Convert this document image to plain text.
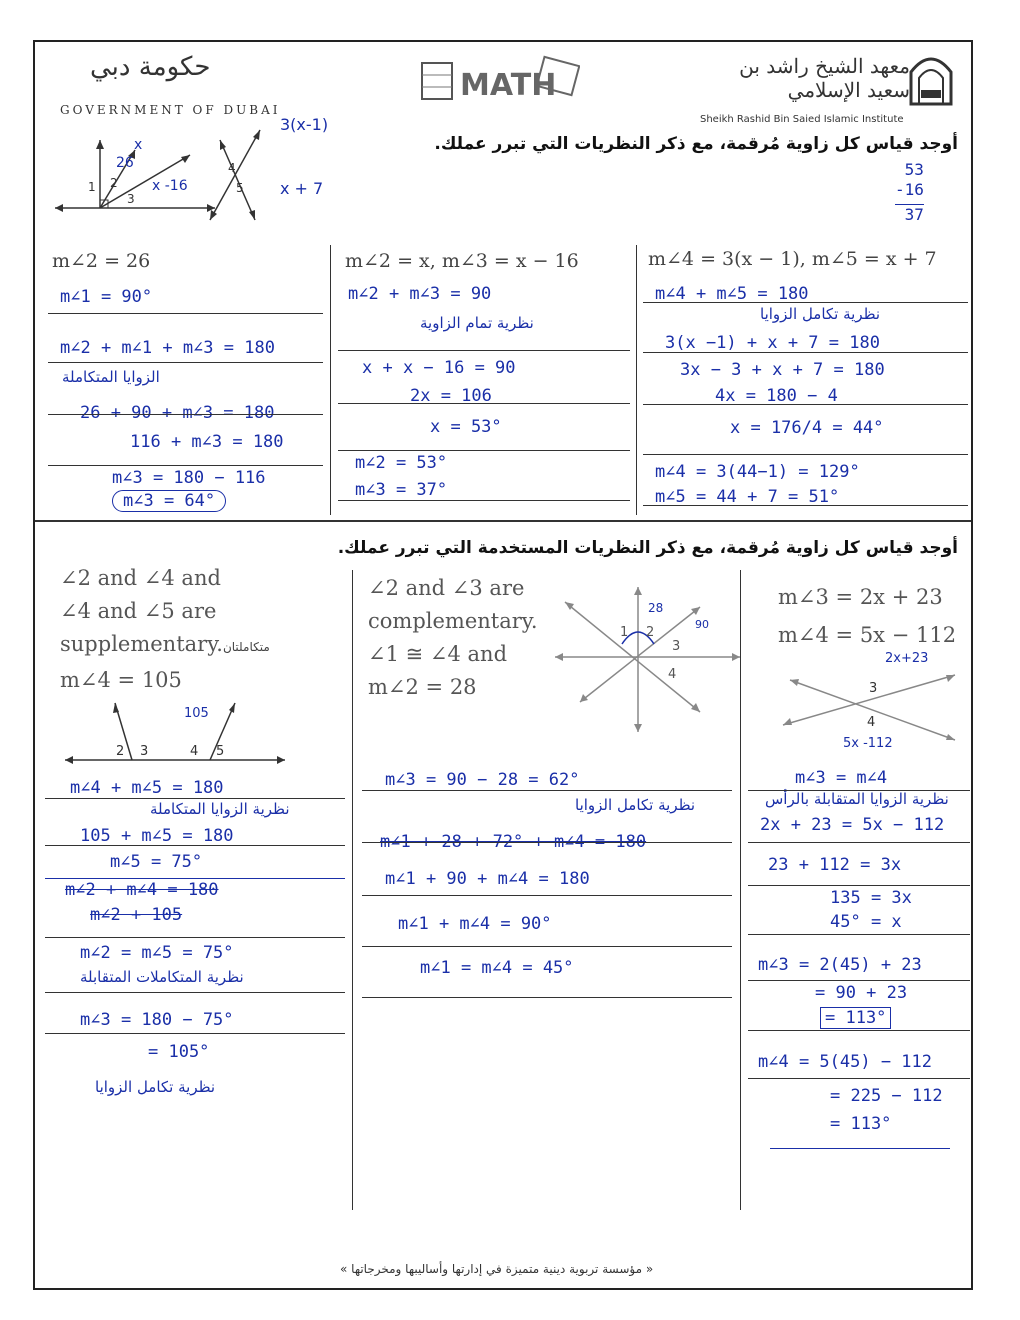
حكومة دبي
GOVERNMENT OF DUBAI
MATH
معهد الشيخ راشد بن سعيد الإسلامي
Sheikh Rashid Bin Saied Islamic Institute
أوجد قياس كل زاوية مُرقمة، مع ذكر النظريات التي تبرر عملك.
1 2
3
26
x
x -16
4
5
3(x-1)
x + 7
53
-16
37
m∠2 = 26
m∠1 = 90°
m∠2 + m∠1 + m∠3 = 180
الزوايا المتكاملة
26 + 90 + m∠3 = 180
116 + m∠3 = 180
m∠3 = 180 − 116
m∠3 = 64°
m∠2 = x, m∠3 = x − 16
m∠2 + m∠3 = 90
نظرية تمام الزاوية
x + x − 16 = 90
2x = 106
x = 53°
m∠2 = 53°
m∠3 = 37°
m∠4 = 3(x − 1), m∠5 = x + 7
m∠4 + m∠5 = 180
نظرية تكامل الزوايا
3(x −1) + x + 7 = 180
3x − 3 + x + 7 = 180
4x = 180 − 4
x = 176/4 = 44°
m∠4 = 3(44−1) = 129°
m∠5 = 44 + 7 = 51°
أوجد قياس كل زاوية مُرقمة، مع ذكر النظريات المستخدمة التي تبرر عملك.
∠2 and ∠4 and
∠4 and ∠5 are
supplementary.متكاملتان
m∠4 = 105
2 3	4 5
105
m∠4 + m∠5 = 180
نظرية الزوايا المتكاملة
105 + m∠5 = 180
m∠5 = 75°
m∠2 + m∠4 = 180
m∠2 + 105
m∠2 = m∠5 = 75°
نظرية المتكاملات المتقابلة
m∠3 = 180 − 75°
= 105°
نظرية تكامل الزوايا
∠2 and ∠3 are
complementary.
∠1 ≅ ∠4 and
m∠2 = 28
1 2
3
4
28
90
m∠3 = 90 − 28 = 62°
نظرية تكامل الزوايا
m∠1 + 28 + 72° + m∠4 = 180
m∠1 + 90 + m∠4 = 180
m∠1 + m∠4 = 90°
m∠1 = m∠4 = 45°
m∠3 = 2x + 23
m∠4 = 5x − 112
3
4
2x+23
5x -112
m∠3 = m∠4
نظرية الزوايا المتقابلة بالرأس
2x + 23 = 5x − 112
23 + 112 = 3x
135 = 3x
45° = x
m∠3 = 2(45) + 23
= 90 + 23
= 113°
m∠4 = 5(45) − 112
= 225 − 112
= 113°
« مؤسسة تربوية دينية متميزة في إدارتها وأساليبها ومخرجاتها »
